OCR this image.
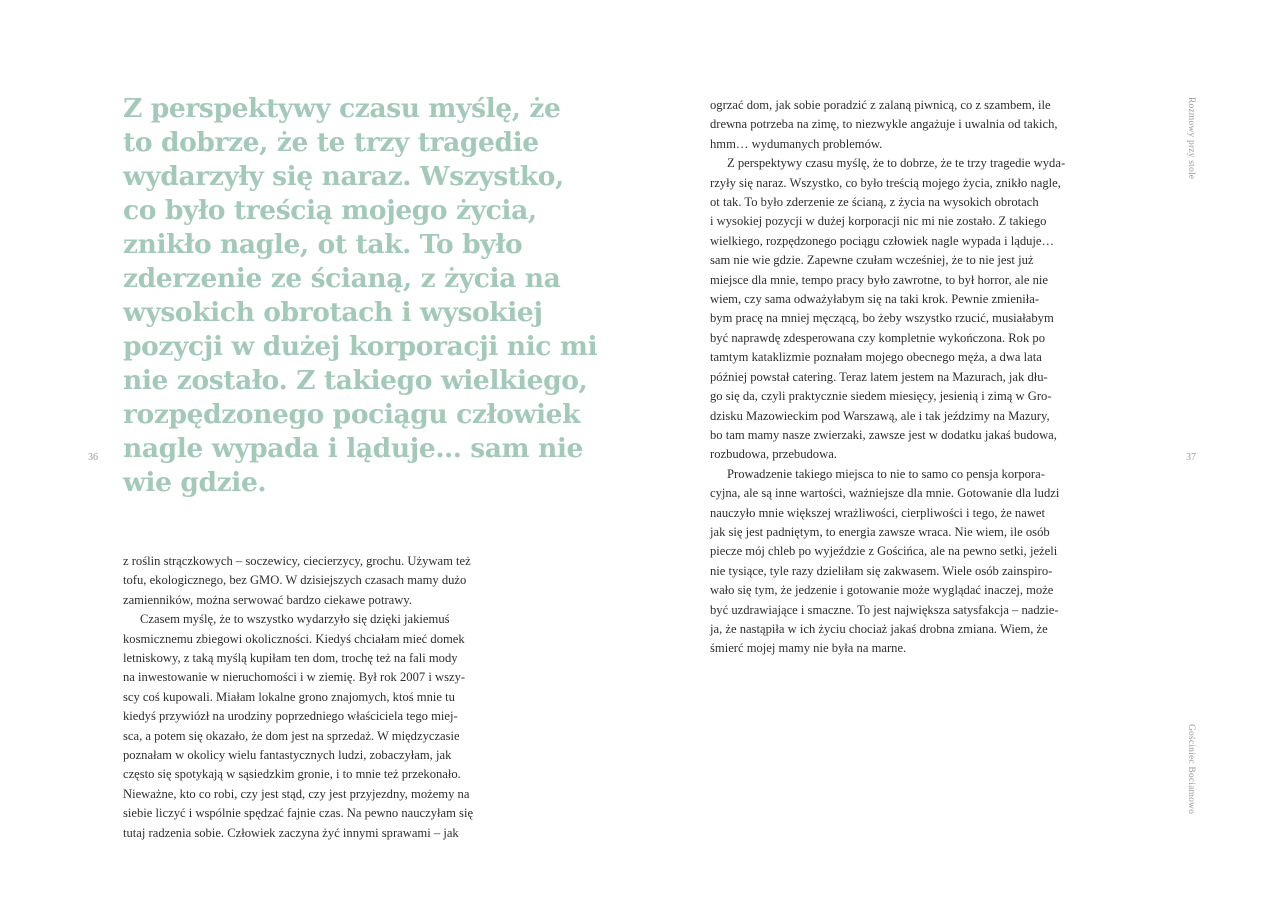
Z perspektywy czasu myślę, że
to dobrze, że te trzy tragedie
wydarzyły się naraz. Wszystko,
co było treścią mojego życia,
znikło nagle, ot tak. To było
zderzenie ze ścianą, z życia na
wysokich obrotach i wysokiej
pozycji w dużej korporacji nic mi
nie zostało. Z takiego wielkiego,
rozpędzonego pociągu człowiek
nagle wypada i ląduje… sam nie
wie gdzie.
36
z roślin strączkowych – soczewicy, ciecierzycy, grochu. Używam też
tofu, ekologicznego, bez GMO. W dzisiejszych czasach mamy dużo
zamienników, można serwować bardzo ciekawe potrawy.
Czasem myślę, że to wszystko wydarzyło się dzięki jakiemuś
kosmicznemu zbiegowi okoliczności. Kiedyś chciałam mieć domek
letniskowy, z taką myślą kupiłam ten dom, trochę też na fali mody
na inwestowanie w nieruchomości i w ziemię. Był rok 2007 i wszy-
scy coś kupowali. Miałam lokalne grono znajomych, ktoś mnie tu
kiedyś przywiózł na urodziny poprzedniego właściciela tego miej-
sca, a potem się okazało, że dom jest na sprzedaż. W międzyczasie
poznałam w okolicy wielu fantastycznych ludzi, zobaczyłam, jak
często się spotykają w sąsiedzkim gronie, i to mnie też przekonało.
Nieważne, kto co robi, czy jest stąd, czy jest przyjezdny, możemy na
siebie liczyć i wspólnie spędzać fajnie czas. Na pewno nauczyłam się
tutaj radzenia sobie. Człowiek zaczyna żyć innymi sprawami – jak
ogrzać dom, jak sobie poradzić z zalaną piwnicą, co z szambem, ile
drewna potrzeba na zimę, to niezwykle angażuje i uwalnia od takich,
hmm… wydumanych problemów.
Z perspektywy czasu myślę, że to dobrze, że te trzy tragedie wyda-
rzyły się naraz. Wszystko, co było treścią mojego życia, znikło nagle,
ot tak. To było zderzenie ze ścianą, z życia na wysokich obrotach
i wysokiej pozycji w dużej korporacji nic mi nie zostało. Z takiego
wielkiego, rozpędzonego pociągu człowiek nagle wypada i ląduje…
sam nie wie gdzie. Zapewne czułam wcześniej, że to nie jest już
miejsce dla mnie, tempo pracy było zawrotne, to był horror, ale nie
wiem, czy sama odważyłabym się na taki krok. Pewnie zmieniła-
bym pracę na mniej męczącą, bo żeby wszystko rzucić, musiałabym
być naprawdę zdesperowana czy kompletnie wykończona. Rok po
tamtym kataklizmie poznałam mojego obecnego męża, a dwa lata
później powstał catering. Teraz latem jestem na Mazurach, jak dłu-
go się da, czyli praktycznie siedem miesięcy, jesienią i zimą w Gro-
dzisku Mazowieckim pod Warszawą, ale i tak jeździmy na Mazury,
bo tam mamy nasze zwierzaki, zawsze jest w dodatku jakaś budowa,
rozbudowa, przebudowa.
Prowadzenie takiego miejsca to nie to samo co pensja korpora-
cyjna, ale są inne wartości, ważniejsze dla mnie. Gotowanie dla ludzi
nauczyło mnie większej wrażliwości, cierpliwości i tego, że nawet
jak się jest padniętym, to energia zawsze wraca. Nie wiem, ile osób
piecze mój chleb po wyjeździe z Gościńca, ale na pewno setki, jeżeli
nie tysiące, tyle razy dzieliłam się zakwasem. Wiele osób zainspiro-
wało się tym, że jedzenie i gotowanie może wyglądać inaczej, może
być uzdrawiające i smaczne. To jest największa satysfakcja – nadzie-
ja, że nastąpiła w ich życiu chociaż jakaś drobna zmiana. Wiem, że
śmierć mojej mamy nie była na marne.
37
Rozmowy przy stole
Gościniec Bociamowo
